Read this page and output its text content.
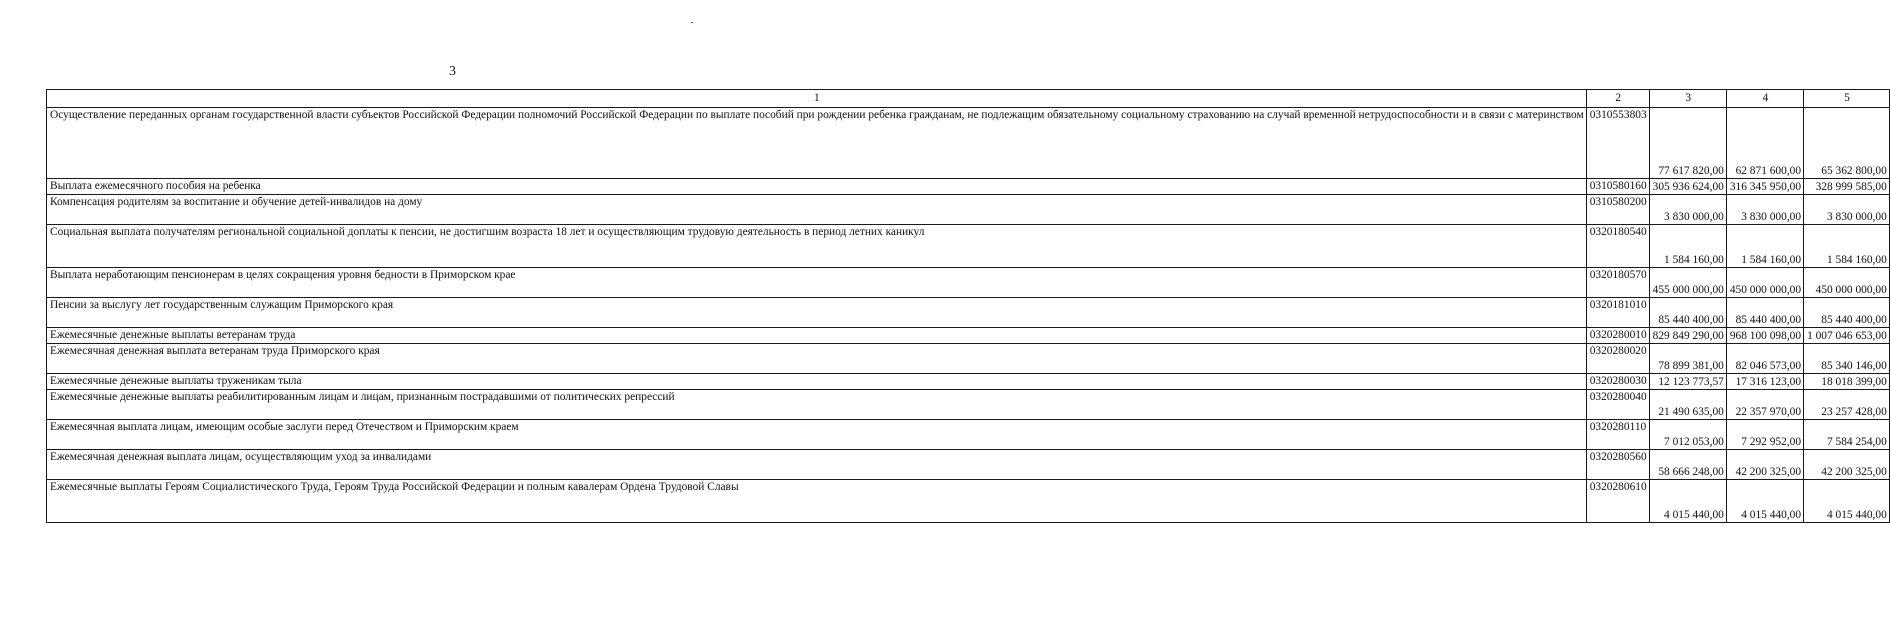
3
1	2	3	4	5
Осуществление переданных органам государственной власти субъектов Российской Федерации полномочий Российской Федерации по выплате пособий при рождении ребенка гражданам, не подлежащим обязательному социальному страхованию на случай временной нетрудоспособности и в связи с материнством	0310553803	77 617 820,00	62 871 600,00	65 362 800,00
Выплата ежемесячного пособия на ребенка	0310580160	305 936 624,00	316 345 950,00	328 999 585,00
Компенсация родителям за воспитание и обучение детей-инвалидов на дому	0310580200	3 830 000,00	3 830 000,00	3 830 000,00
Социальная выплата получателям региональной социальной доплаты к пенсии, не достигшим возраста 18 лет и осуществляющим трудовую деятельность в период летних каникул	0320180540	1 584 160,00	1 584 160,00	1 584 160,00
Выплата неработающим пенсионерам в целях сокращения уровня бедности в Приморском крае	0320180570	455 000 000,00	450 000 000,00	450 000 000,00
Пенсии за выслугу лет государственным служащим Приморского края	0320181010	85 440 400,00	85 440 400,00	85 440 400,00
Ежемесячные денежные выплаты ветеранам труда	0320280010	829 849 290,00	968 100 098,00	1 007 046 653,00
Ежемесячная денежная выплата ветеранам труда Приморского края	0320280020	78 899 381,00	82 046 573,00	85 340 146,00
Ежемесячные денежные выплаты труженикам тыла	0320280030	12 123 773,57	17 316 123,00	18 018 399,00
Ежемесячные денежные выплаты реабилитированным лицам и лицам, признанным пострадавшими от политических репрессий	0320280040	21 490 635,00	22 357 970,00	23 257 428,00
Ежемесячная выплата лицам, имеющим особые заслуги перед Отечеством и Приморским краем	0320280110	7 012 053,00	7 292 952,00	7 584 254,00
Ежемесячная денежная выплата лицам, осуществляющим уход за инвалидами	0320280560	58 666 248,00	42 200 325,00	42 200 325,00
Ежемесячные выплаты Героям Социалистического Труда, Героям Труда Российской Федерации и полным кавалерам Ордена Трудовой Славы	0320280610	4 015 440,00	4 015 440,00	4 015 440,00
